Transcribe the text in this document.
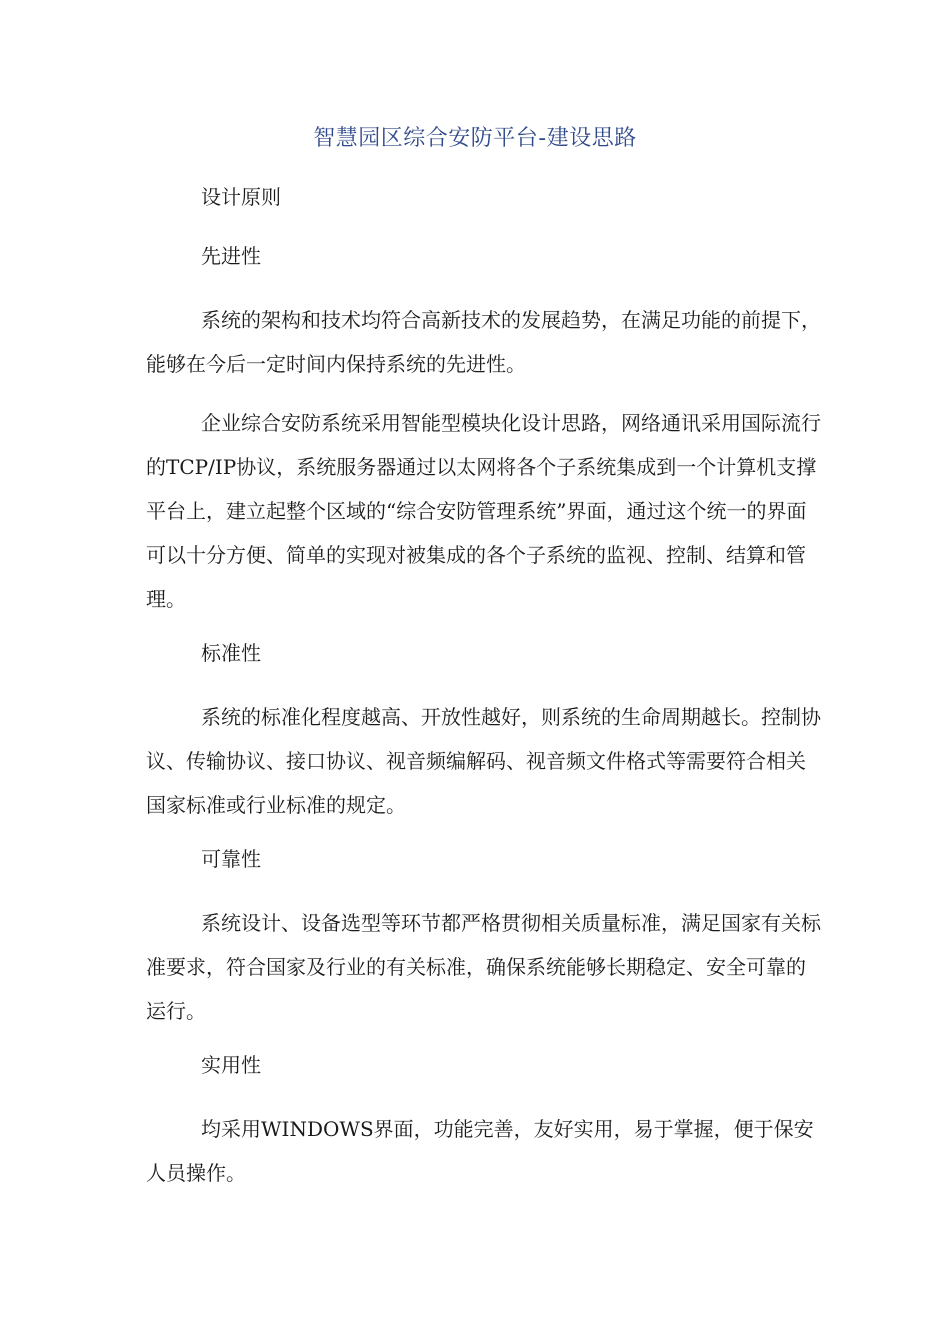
智慧园区综合安防平台-建设思路
设计原则
先进性

系统的架构和技术均符合高新技术的发展趋势，在满足功能的前提下，能够在今后一定时间内保持系统的先进性。

企业综合安防系统采用智能型模块化设计思路，网络通讯采用国际流行的TCP/IP协议，系统服务器通过以太网将各个子系统集成到一个计算机支撑平台上，建立起整个区域的“综合安防管理系统”界面，通过这个统一的界面可以十分方便、简单的实现对被集成的各个子系统的监视、控制、结算和管理。

标准性

系统的标准化程度越高、开放性越好，则系统的生命周期越长。控制协议、传输协议、接口协议、视音频编解码、视音频文件格式等需要符合相关国家标准或行业标准的规定。

可靠性

系统设计、设备选型等环节都严格贯彻相关质量标准，满足国家有关标准要求，符合国家及行业的有关标准，确保系统能够长期稳定、安全可靠的运行。

实用性

均采用WINDOWS界面，功能完善，友好实用，易于掌握，便于保安人员操作。
